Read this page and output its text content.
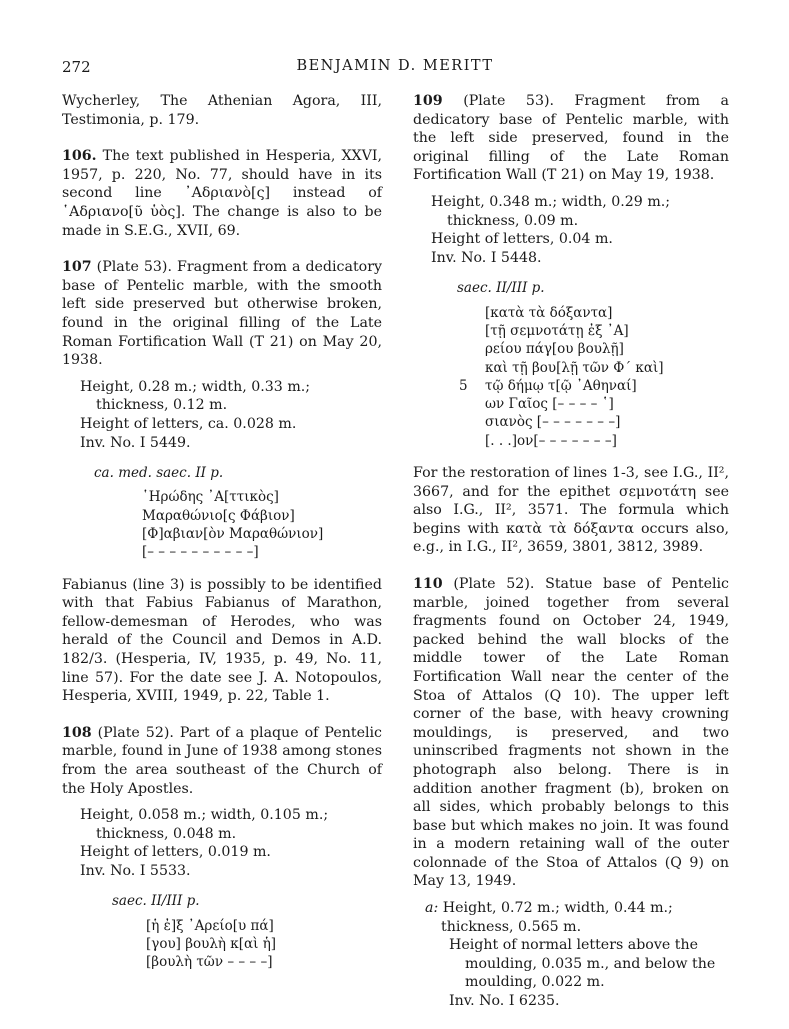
272	BENJAMIN D. MERITT

Wycherley, The Athenian Agora, III, Testimonia, p. 179.

106. The text published in Hesperia, XXVI, 1957, p. 220, No. 77, should have in its second line ᾿Αδριανὸ[ς] instead of ῾Αδριανο[ῦ ὑὸς]. The change is also to be made in S.E.G., XVII, 69.

107 (Plate 53). Fragment from a dedicatory base of Pentelic marble, with the smooth left side preserved but otherwise broken, found in the original filling of the Late Roman Fortification Wall (T 21) on May 20, 1938.

Height, 0.28 m.; width, 0.33 m.; thickness, 0.12 m.
Height of letters, ca. 0.028 m.
Inv. No. I 5449.
ca. med. saec. II p.
῾Ηρώδης ᾽Α[ττικὸς]
Μαραθώνιο[ς Φάβιον]
[Φ]αβιαν[ὸν Μαραθώνιον]
[– – – – – – – – – –]

Fabianus (line 3) is possibly to be identified with that Fabius Fabianus of Marathon, fellow-demesman of Herodes, who was herald of the Council and Demos in A.D. 182/3. (Hesperia, IV, 1935, p. 49, No. 11, line 57). For the date see J. A. Notopoulos, Hesperia, XVIII, 1949, p. 22, Table 1.

108 (Plate 52). Part of a plaque of Pentelic marble, found in June of 1938 among stones from the area southeast of the Church of the Holy Apostles.

Height, 0.058 m.; width, 0.105 m.; thickness, 0.048 m.
Height of letters, 0.019 m.
Inv. No. I 5533.
saec. II/III p.
[ἡ ἐ]ξ ᾽Αρείο[υ πά]
[γου] βουλὴ κ[αὶ ἡ]
[βουλὴ τῶν – – – –]

109 (Plate 53). Fragment from a dedicatory base of Pentelic marble, with the left side preserved, found in the original filling of the Late Roman Fortification Wall (T 21) on May 19, 1938.

Height, 0.348 m.; width, 0.29 m.; thickness, 0.09 m.
Height of letters, 0.04 m.
Inv. No. I 5448.
saec. II/III p.
[κατὰ τὰ δόξαντα]
[τῇ σεμνοτάτῃ ἐξ ᾽Α]
ρείου πάγ[ου βουλῇ]
καὶ τῇ βου[λῇ τῶν Φ´ καὶ]
5 τῷ δήμῳ τ[ῷ ᾽Αθηναί]
ων Γαῖος [– – – – ῾]
σιανὸς [– – – – – – –]
[. . .]ον[– – – – – – –]

For the restoration of lines 1-3, see I.G., II², 3667, and for the epithet σεμνοτάτη see also I.G., II², 3571. The formula which begins with κατὰ τὰ δόξαντα occurs also, e.g., in I.G., II², 3659, 3801, 3812, 3989.

110 (Plate 52). Statue base of Pentelic marble, joined together from several fragments found on October 24, 1949, packed behind the wall blocks of the middle tower of the Late Roman Fortification Wall near the center of the Stoa of Attalos (Q 10). The upper left corner of the base, with heavy crowning mouldings, is preserved, and two uninscribed fragments not shown in the photograph also belong. There is in addition another fragment (b), broken on all sides, which probably belongs to this base but which makes no join. It was found in a modern retaining wall of the outer colonnade of the Stoa of Attalos (Q 9) on May 13, 1949.

a: Height, 0.72 m.; width, 0.44 m.; thickness, 0.565 m.
Height of normal letters above the moulding, 0.035 m., and below the moulding, 0.022 m.
Inv. No. I 6235.
